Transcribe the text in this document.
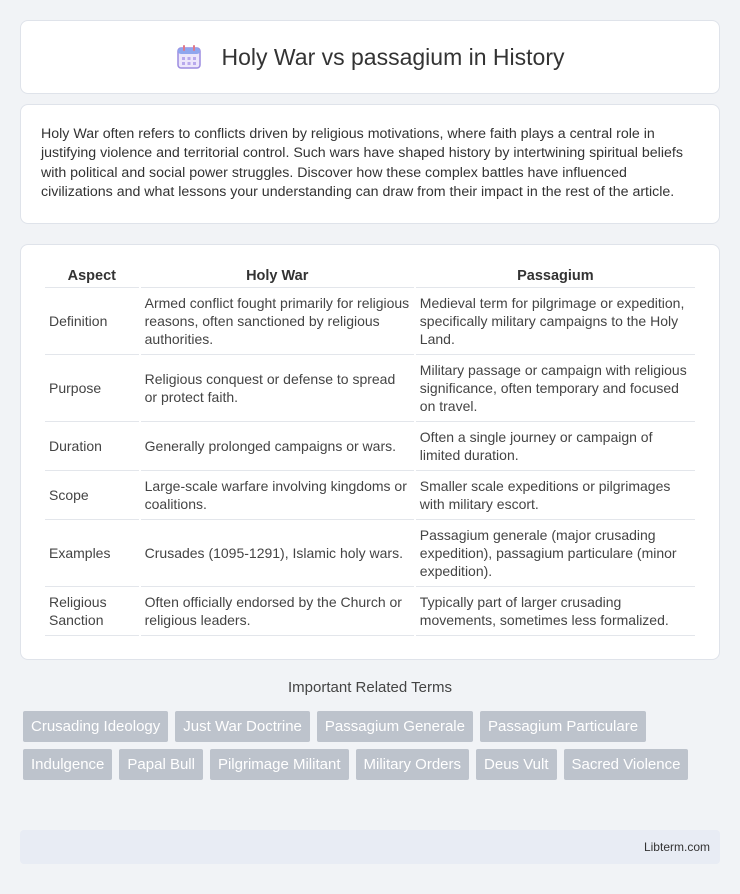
Holy War vs passagium in History

Holy War often refers to conflicts driven by religious motivations, where faith plays a central role in justifying violence and territorial control. Such wars have shaped history by intertwining spiritual beliefs with political and social power struggles. Discover how these complex battles have influenced civilizations and what lessons your understanding can draw from their impact in the rest of the article.

Aspect	Holy War	Passagium
Definition	Armed conflict fought primarily for religious reasons, often sanctioned by religious authorities.	Medieval term for pilgrimage or expedition, specifically military campaigns to the Holy Land.
Purpose	Religious conquest or defense to spread or protect faith.	Military passage or campaign with religious significance, often temporary and focused on travel.
Duration	Generally prolonged campaigns or wars.	Often a single journey or campaign of limited duration.
Scope	Large-scale warfare involving kingdoms or coalitions.	Smaller scale expeditions or pilgrimages with military escort.
Examples	Crusades (1095-1291), Islamic holy wars.	Passagium generale (major crusading expedition), passagium particulare (minor expedition).
Religious Sanction	Often officially endorsed by the Church or religious leaders.	Typically part of larger crusading movements, sometimes less formalized.
Important Related Terms
Crusading Ideology	Just War Doctrine	Passagium Generale	Passagium Particulare
Indulgence	Papal Bull	Pilgrimage Militant	Military Orders	Deus Vult	Sacred Violence
Libterm.com
